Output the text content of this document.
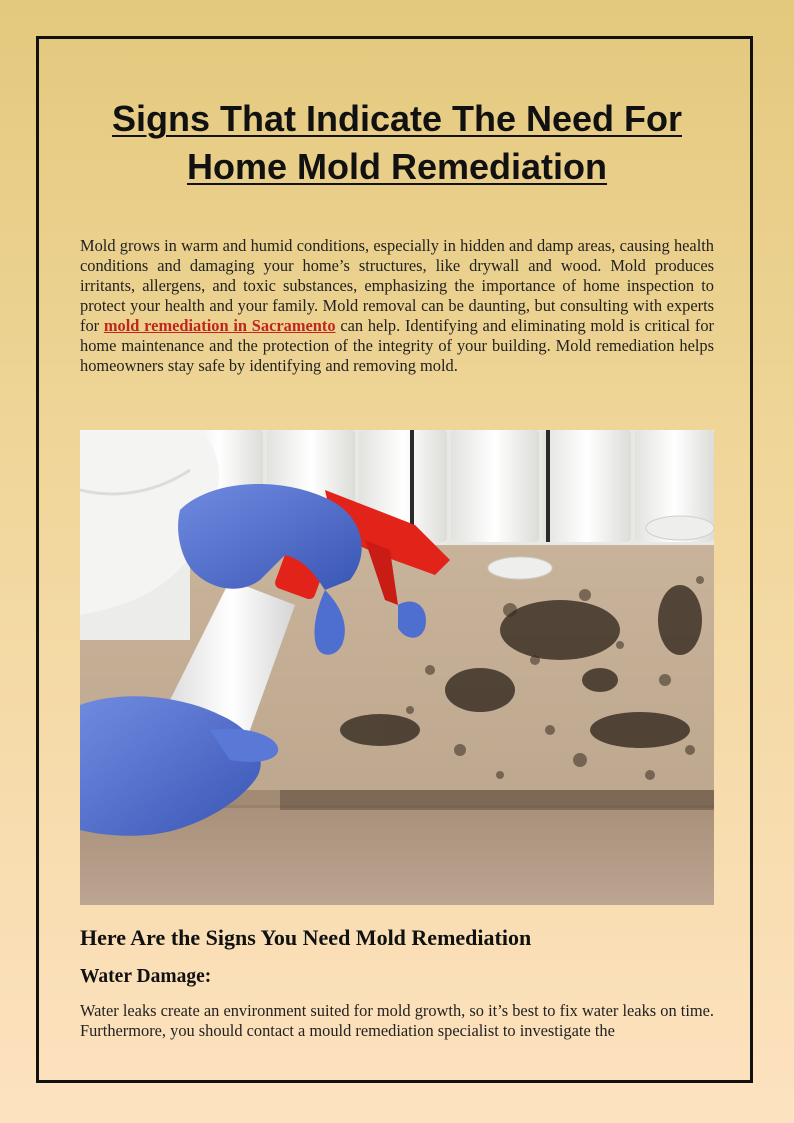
Signs That Indicate The Need For Home Mold Remediation

Mold grows in warm and humid conditions, especially in hidden and damp areas, causing health conditions and damaging your home’s structures, like drywall and wood. Mold produces irritants, allergens, and toxic substances, emphasizing the importance of home inspection to protect your health and your family. Mold removal can be daunting, but consulting with experts for mold remediation in Sacramento can help. Identifying and eliminating mold is critical for home maintenance and the protection of the integrity of your building. Mold remediation helps homeowners stay safe by identifying and removing mold.

Here Are the Signs You Need Mold Remediation
Water Damage:

Water leaks create an environment suited for mold growth, so it’s best to fix water leaks on time. Furthermore, you should contact a mould remediation specialist to investigate the
